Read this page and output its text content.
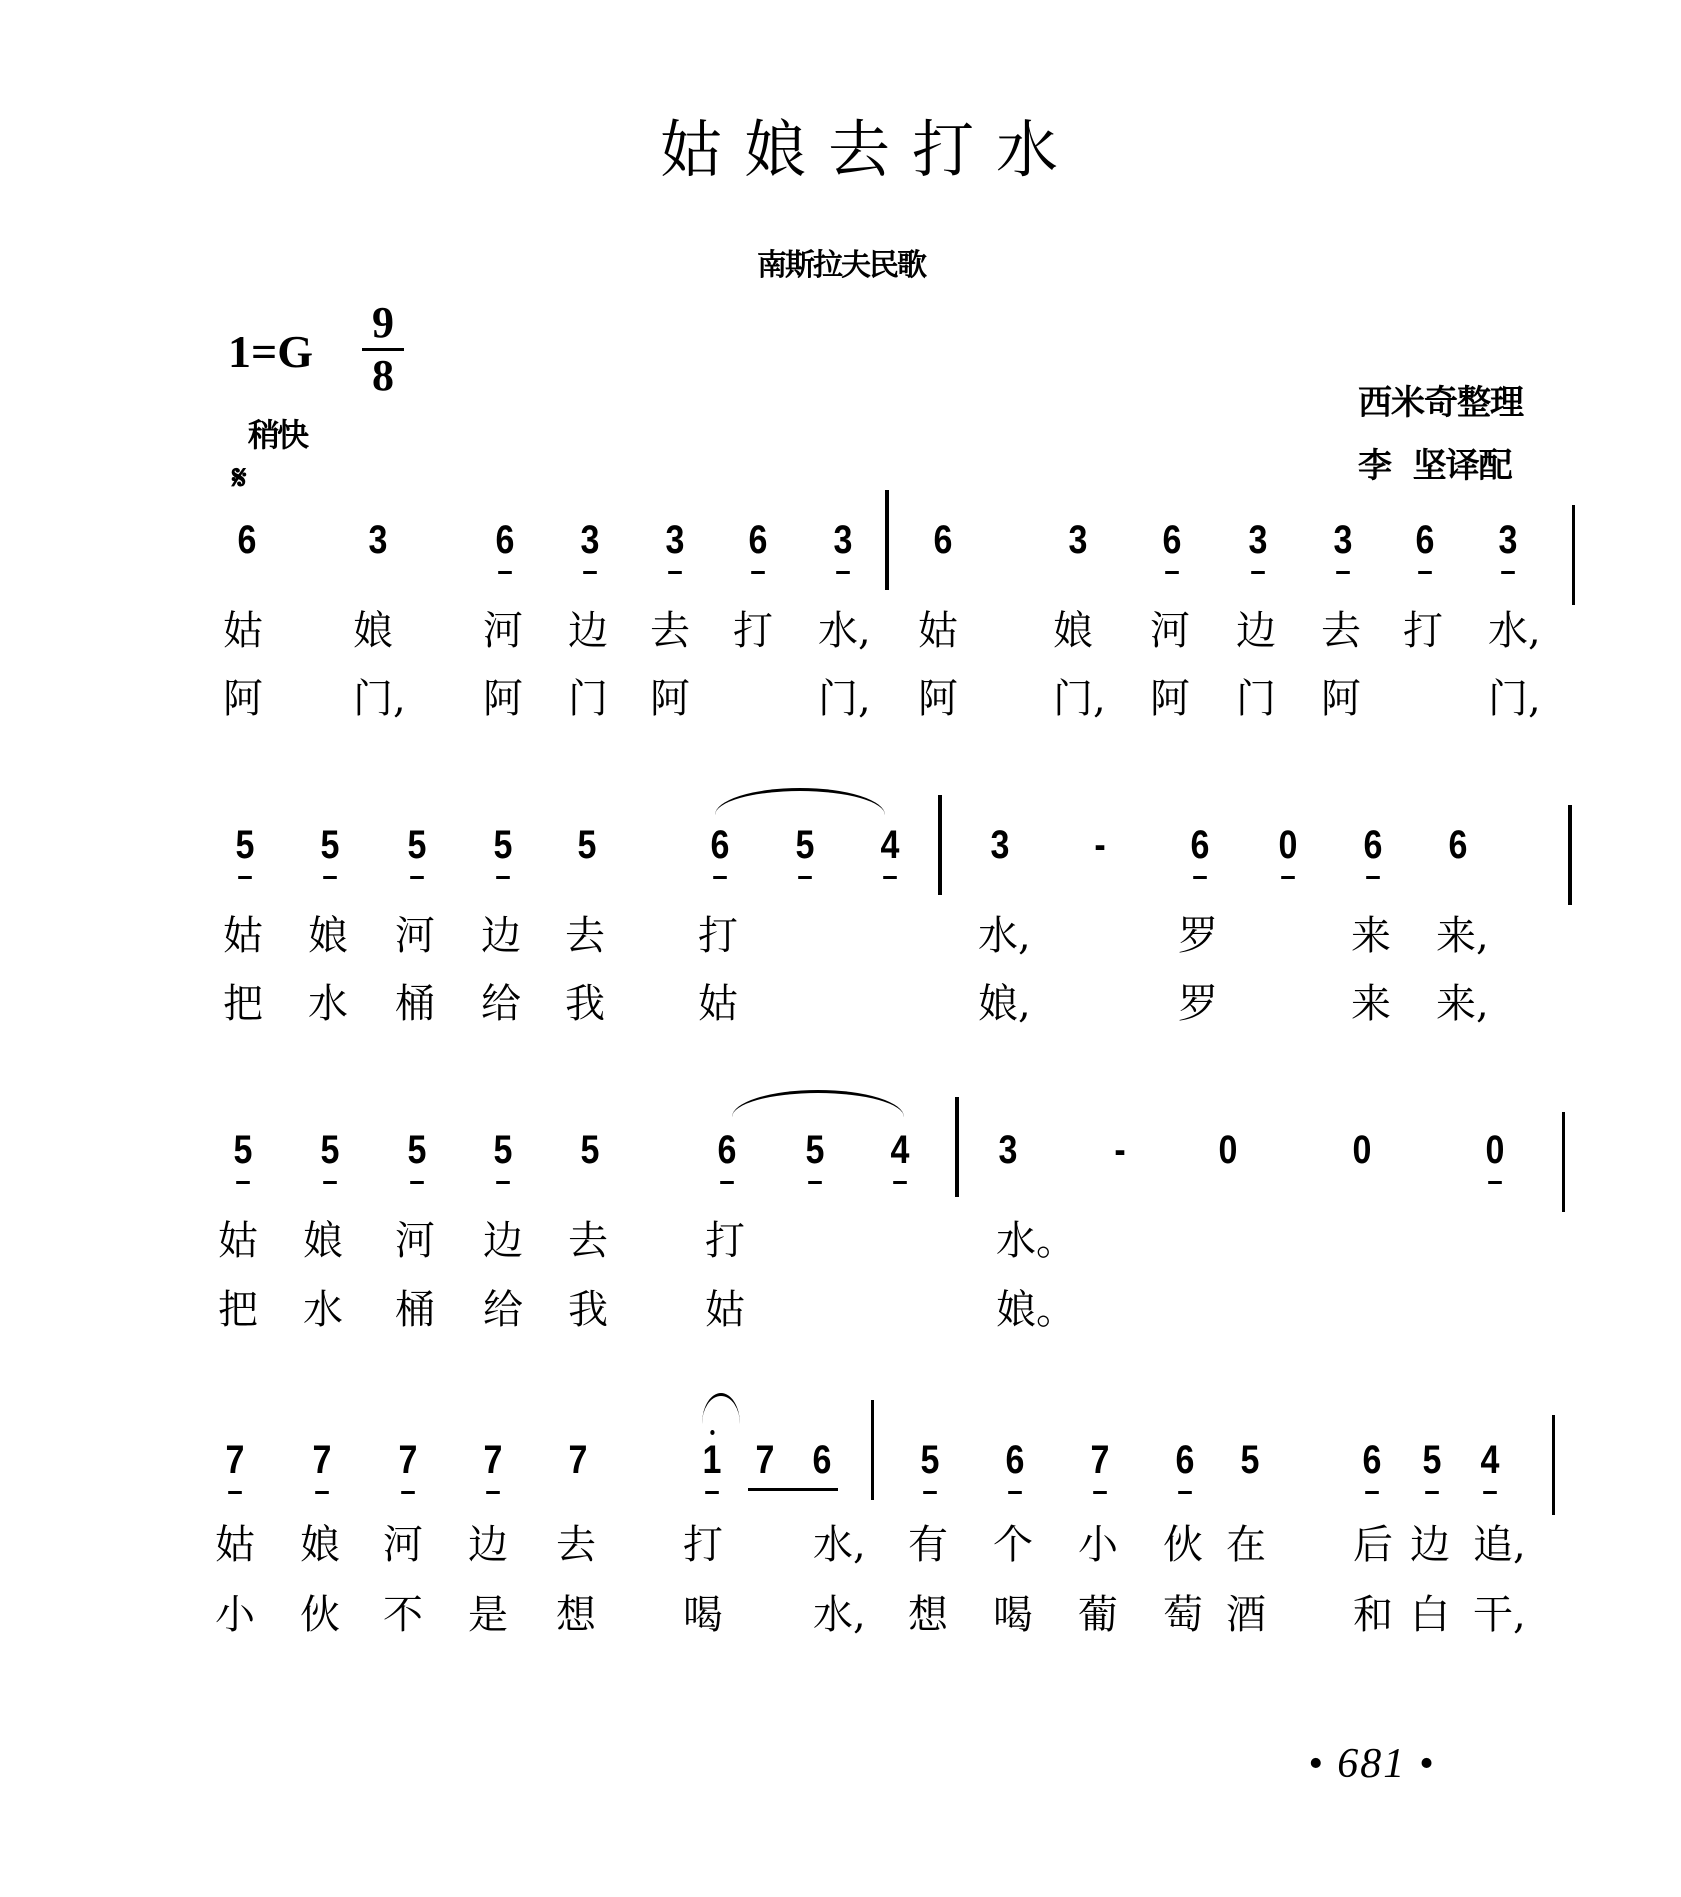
姑娘去打水
南斯拉夫民歌
1=G
9
8
稍快
𝄋
西米奇整理
李  坚译配
6	3	6 3 3 6 3 6	3 6 3 3 6 3
姑 娘 河 边 去 打 水, 姑 娘 河 边 去 打 水,
阿 门, 阿 门 阿	门, 阿 门, 阿 门 阿	门,
5 5 5 5 5	6 5 4 3 - 6 0 6 6
姑 娘 河 边 去 打	水,	罗	来 来,
把 水 桶 给 我 姑	娘,	罗	来 来,
5 5 5 5 5	6 5 4 3 - 0	0	0
姑 娘 河 边 去 打	水。
把 水 桶 给 我 姑	娘。
7 7 7 7 7	1 7 6 5 6 7 6 5	6 5 4
姑 娘 河 边 去 打 水, 有 个 小 伙 在 后 边 追,
小 伙 不 是 想 喝 水, 想 喝 葡 萄 酒 和 白 干,
• 681 •
